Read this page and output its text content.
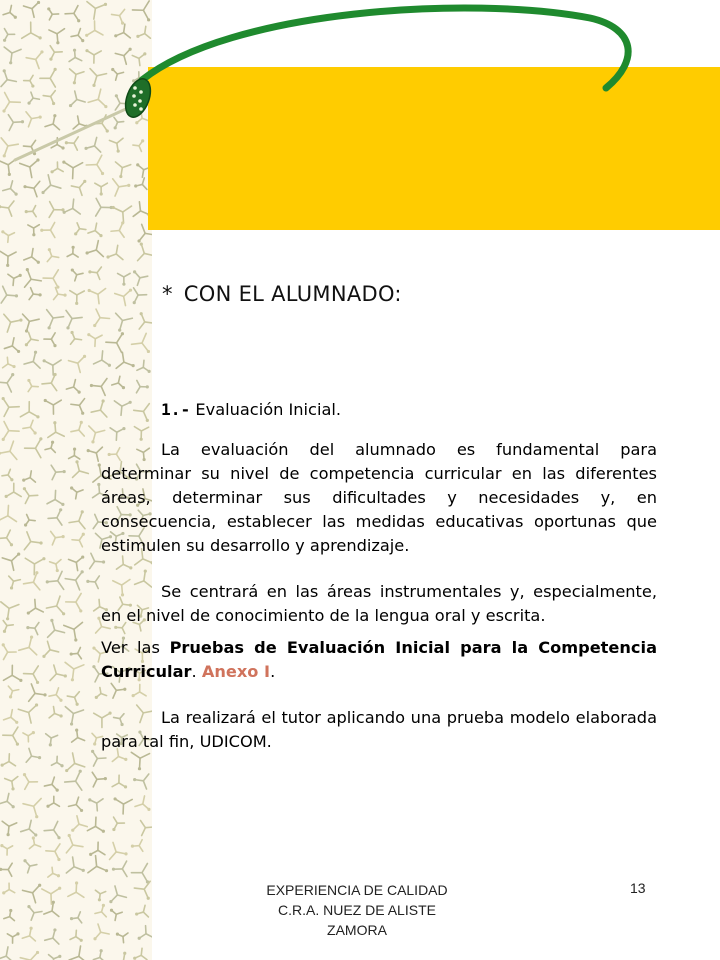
* CON EL ALUMNADO:

1.- Evaluación Inicial.

La evaluación del alumnado es fundamental para determinar su nivel de competencia curricular en las diferentes áreas, determinar sus dificultades y necesidades y, en consecuencia, establecer las medidas educativas oportunas que estimulen su desarrollo y aprendizaje.

Se centrará en las áreas instrumentales y, especialmente, en el nivel de conocimiento de la lengua oral y escrita.

Ver las Pruebas de Evaluación Inicial para la Competencia Curricular. Anexo I.

La realizará el tutor aplicando una prueba modelo elaborada para tal fin, UDICOM.

EXPERIENCIA DE CALIDAD
C.R.A. NUEZ DE ALISTE
ZAMORA
13
